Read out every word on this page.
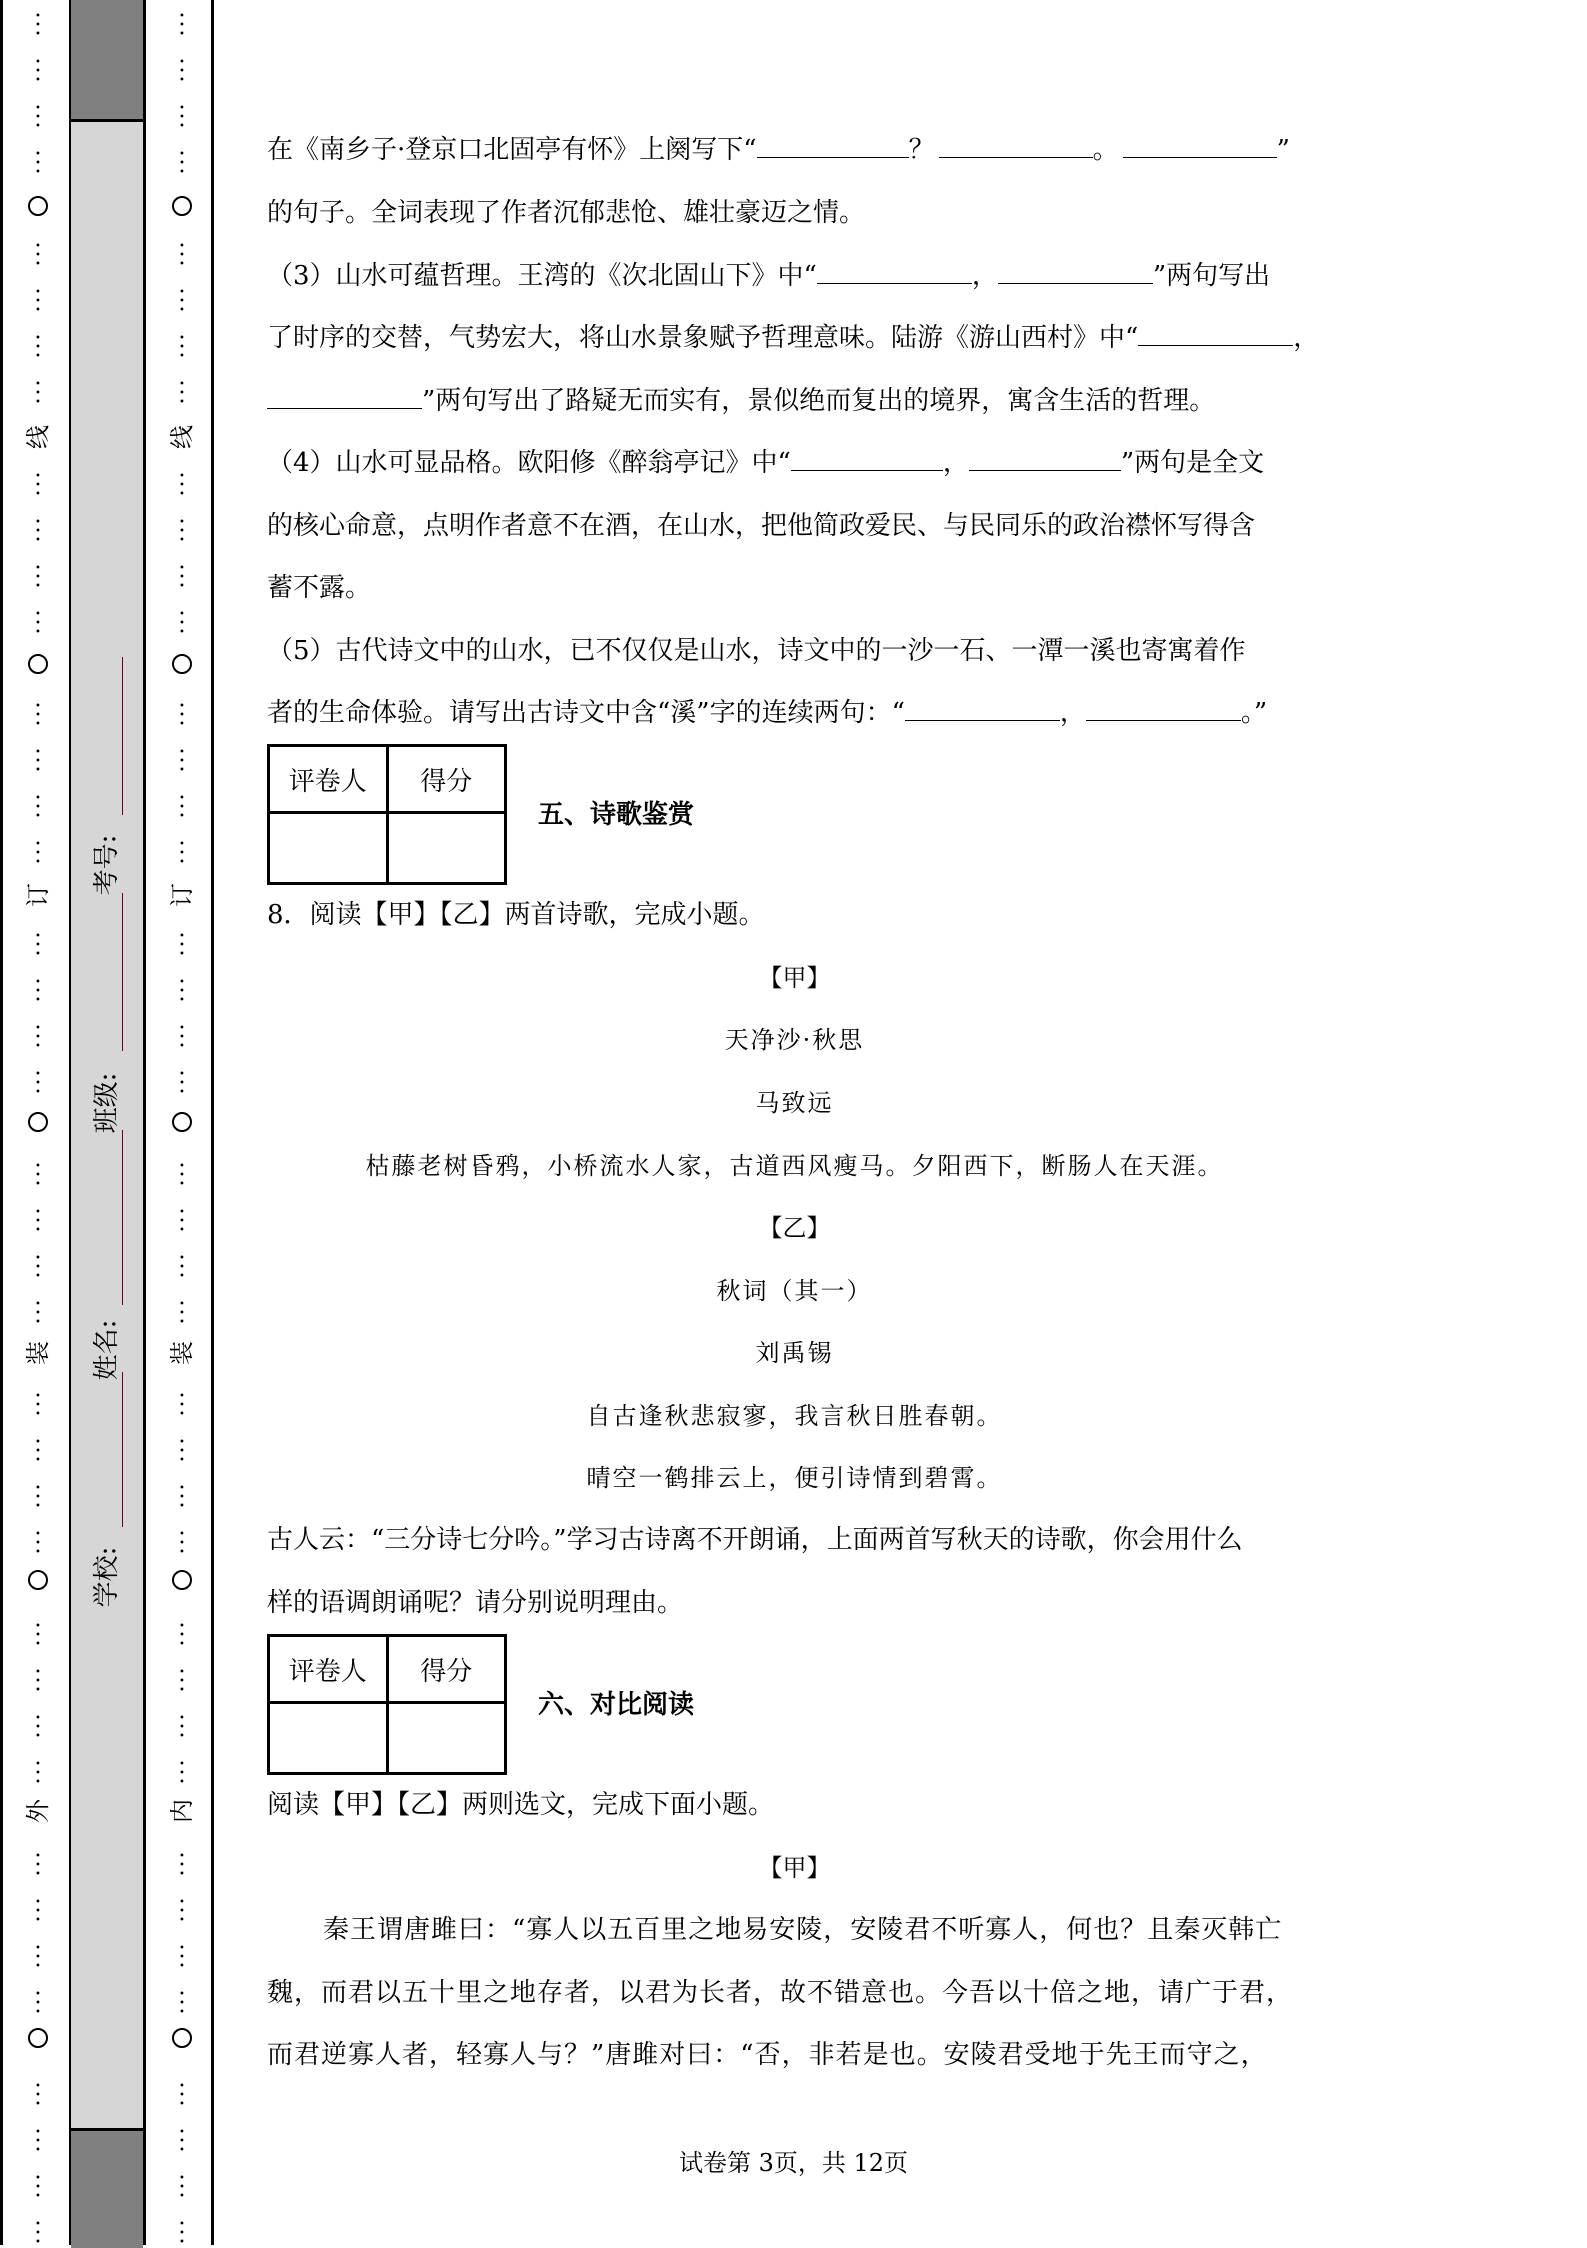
考号:
班级:
姓名:
学校:
在《南乡子·登京口北固亭有怀》上阕写下“	？	。	”
的句子。全词表现了作者沉郁悲怆、雄壮豪迈之情。
（3）山水可蕴哲理。王湾的《次北固山下》中“	，	”两句写出
了时序的交替，气势宏大，将山水景象赋予哲理意味。陆游《游山西村》中“	，
”两句写出了路疑无而实有，景似绝而复出的境界，寓含生活的哲理。
（4）山水可显品格。欧阳修《醉翁亭记》中“	，	”两句是全文
的核心命意，点明作者意不在酒，在山水，把他简政爱民、与民同乐的政治襟怀写得含
蓄不露。
（5）古代诗文中的山水，已不仅仅是山水，诗文中的一沙一石、一潭一溪也寄寓着作
者的生命体验。请写出古诗文中含“溪”字的连续两句：“	，	。”
评卷人	得分

五、诗歌鉴赏
8．阅读【甲】【乙】两首诗歌，完成小题。
【甲】
天净沙·秋思
马致远
枯藤老树昏鸦，小桥流水人家，古道西风瘦马。夕阳西下，断肠人在天涯。
【乙】
秋词（其一）
刘禹锡
自古逢秋悲寂寥，我言秋日胜春朝。
晴空一鹤排云上，便引诗情到碧霄。
古人云：“三分诗七分吟。”学习古诗离不开朗诵，上面两首写秋天的诗歌，你会用什么
样的语调朗诵呢？请分别说明理由。
评卷人	得分

六、对比阅读
阅读【甲】【乙】两则选文，完成下面小题。
【甲】
秦王谓唐雎曰：“寡人以五百里之地易安陵，安陵君不听寡人，何也？且秦灭韩亡
魏，而君以五十里之地存者，以君为长者，故不错意也。今吾以十倍之地，请广于君，
而君逆寡人者，轻寡人与？”唐雎对曰：“否，非若是也。安陵君受地于先王而守之，
试卷第 3页，共 12页
•
•
•
•
•
•
•
•
•
•
•
•
•
•
•
•
•
•
•
•
•
•
•
•
•
•
•
•
•
•
•
•
•
•
•
•
•
•
•
•
•
•
•
•
•
•
•
•
•
•
•
•
•
•
•
•
•
•
•
•
•
•
•
•
•
•
•
•
•
•
•
•
•
•
•
•
•
•
•
•
•
•
•
•
•
•
•
•
•
•
•
•
•
•
•
•
•
•
•
•
•
•
•
•
•
•
•
•
•
•
•
•
•
•
•
•
•
•
•
•
线
订
装
外
•
•
•
•
•
•
•
•
•
•
•
•
•
•
•
•
•
•
•
•
•
•
•
•
•
•
•
•
•
•
•
•
•
•
•
•
•
•
•
•
•
•
•
•
•
•
•
•
•
•
•
•
•
•
•
•
•
•
•
•
•
•
•
•
•
•
•
•
•
•
•
•
•
•
•
•
•
•
•
•
•
•
•
•
•
•
•
•
•
•
•
•
•
•
•
•
•
•
•
•
•
•
•
•
•
•
•
•
•
•
•
•
•
•
•
•
•
•
•
•
线
订
装
内
